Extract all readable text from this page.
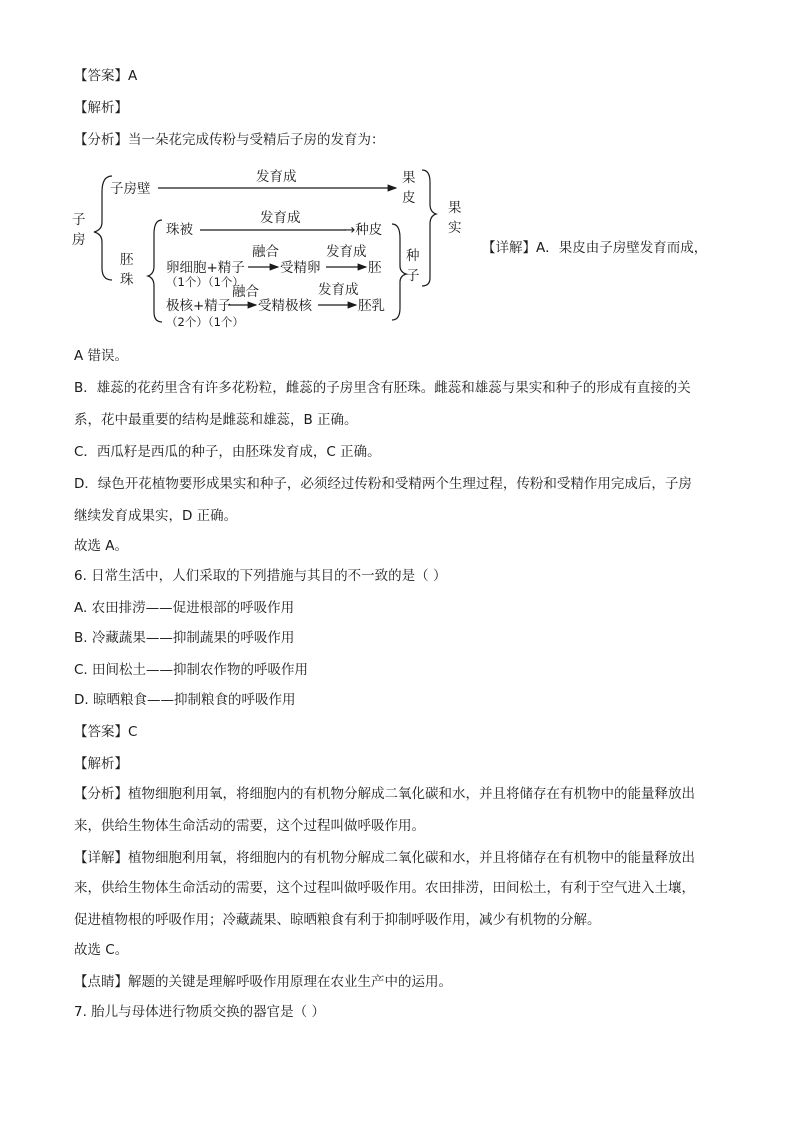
【答案】A
【解析】
【分析】当一朵花完成传粉与受精后子房的发育为：
子
房
子房壁
发育成	果
皮
果
实
胚
珠
珠被
发育成
→种皮
卵细胞+精子
（1个）（1个）
融合
受精卵
发育成
胚
种
子
极核+精子
（2个）（1个）
融合
受精极核
发育成
胚乳
【详解】A．果皮由子房壁发育而成，
A 错误。
B．雄蕊的花药里含有许多花粉粒，雌蕊的子房里含有胚珠。雌蕊和雄蕊与果实和种子的形成有直接的关
系，花中最重要的结构是雌蕊和雄蕊，B 正确。
C．西瓜籽是西瓜的种子，由胚珠发育成，C 正确。
D．绿色开花植物要形成果实和种子，必须经过传粉和受精两个生理过程，传粉和受精作用完成后，子房
继续发育成果实，D 正确。
故选 A。
6. 日常生活中，人们采取的下列措施与其目的不一致的是（ ）
A. 农田排涝——促进根部的呼吸作用
B. 冷藏蔬果——抑制蔬果的呼吸作用
C. 田间松土——抑制农作物的呼吸作用
D. 晾晒粮食——抑制粮食的呼吸作用
【答案】C
【解析】
【分析】植物细胞利用氧，将细胞内的有机物分解成二氧化碳和水，并且将储存在有机物中的能量释放出
来，供给生物体生命活动的需要，这个过程叫做呼吸作用。
【详解】植物细胞利用氧，将细胞内的有机物分解成二氧化碳和水，并且将储存在有机物中的能量释放出
来，供给生物体生命活动的需要，这个过程叫做呼吸作用。农田排涝，田间松土，有利于空气进入土壤，
促进植物根的呼吸作用；冷藏蔬果、晾晒粮食有利于抑制呼吸作用，减少有机物的分解。
故选 C。
【点睛】解题的关键是理解呼吸作用原理在农业生产中的运用。
7. 胎儿与母体进行物质交换的器官是（ ）
